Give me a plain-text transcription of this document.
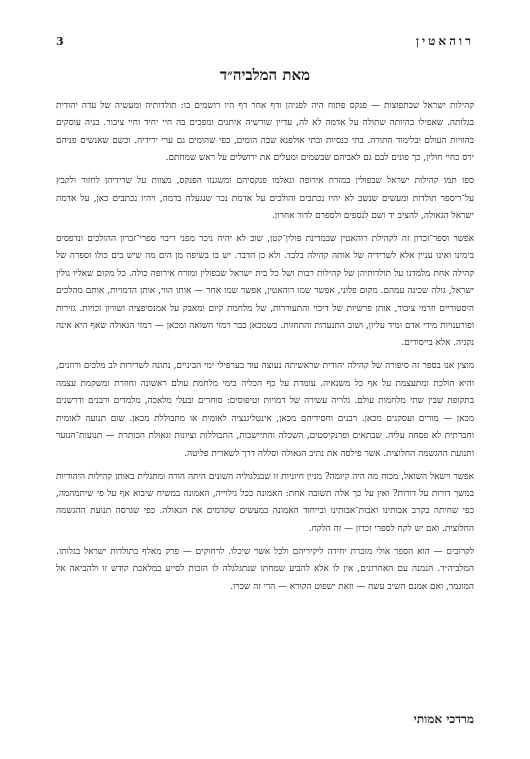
רוהאטין
3
מאת המלביה״ד

קהילות ישראל שבתפוצות — פנקס פתוח היה לפניהן ודף אחר דף היו רושמים בו: תולדותיה ומעשיה של עדה יהודית בגלותה. שאפילו בהיותה שתולה על אדמה לא לה, עדיין שורשיה איתנים ומפכים בה חיי יחיד וחיי ציבור. בניה עוסקים בהוויות העולם ובלימוד התורה. בתי כנסיות ובתי אולפנא שבה הומים, כפי שהומים גם ערי ירידיה. וכשם שאנשים פניהם ירס כחיי חולין, כך פונים לבם גם לאביהם שבשמים ומעלים את ירושלים על ראש שמחתם.

ספו תמו קהילות ישראל שבפולין במזרח אירופה ונאלמו פנקסיהם ומשגנזו הפנקס, מצוות על שרידיהן לחזור ולקבץ על־ריספר תולדות ומעשים שנשב לא יהיו נכתבים והולכים על אדמת נכר שנגעלה בדמה, ויהיו נכתבים כאן, על אדמת ישראל הגאולה, להציב יד ושם לנספים ולספרם לדור אחרון.

אפשר וספר־זכרון זה לקהילת רוהאטין שבמדינת פולין־קטן, שוב לא יהיה ניכר מפני ריבוי ספרי־זכרון ההולכים ונדפסים בימינו ואינו עניין אלא לשרידיה של אותה קהילה בלבד. ולא כן הדבר. יש בו בשיפה מן הים מה שיש בים כולו וספרה של קהילה אחת מלמדנו על תולדותיהן של קהילות רבות ושל כל בית ישראל שבפולין ומזרח אירופה כולה. כל מקום שאליו גולין ישראל, גולה שכינה עמהם. מקום פלוני, אפשר שמו רוהאטין, אפשר שמו אחר — אותו הווי, אותן הדמויות, אותם מהלכים היסטוריים וזרמי ציבור, אותן פרשיות של דיכוי והתעוררות, של מלחמת קיום ומאבק על אמנסיפציה ושוויון זכויות. גזירות ופורענויות מידי אדם ומיד עליון, ושוב התנערות והתחזות. כשמכאן כבר רמזי השואה ומכאן — רמזי הגאולה שאף היא אינה נקניה. אלא בייסורים.

מוצין אנו בספר זה סיפורה של קהילה יהודית שראשיתה נעוצה עוד בערפילי ימי הביניים, נתונה לשרירות לב מלכים ורוזנים, והיא הולכת ומתעצמת על אף כל משנאיה. עומדת על כף הכליה בימי מלחמת עולם ראשונה וחוזרת ומשקמת עצמה בתקופת שבין שתי מלחמות עולם. גלריה עשירה של דמויות וטיפוסים: סוחרים ובעלי מלאכה, מלמדים ורבנים ודרשנים מכאן — מורים ועסקנים מכאן. רבנים וחסידיהם מכאן, אינטליגנציה לאומית או מתבוללת מכאן. שום תנועה לאומית וחברתית לא פסחה עליה. שבתאים ופרנקיסטים, השכלה והתיישבות, התבוללות וציונות וגאולת הכותרת — תנועות־הנוער ותנועת ההגשמה החלוצית. אשר פילסה את נתיב הגאולה וסללה דרך לשארית פליטה.

אפשר וישאל השואל, מכוח מה היה קיומה? מניין חיוניות זו שבגלגוליה השונים היתה הורה ומתגלית באותן קהילות היהודיות במשך דורות על דורות? ואין על כך אלה תשובה אחת: האמונה בכל גילוייה, האמונה במשיח שיבוא אף על פי שיתמהמה, כפי שחיתה בקרב אבותינו ואבות־אבותינו ובייחוד האמונה במעשים שקדמים את הגאולה. כפי שגרסה תנועת ההגשמה החלוצית. ואם יש לקח לספרי זכרון — זה הלקח.

לקרובים — הוא הספר אולי מזכרת יחידה ליקיריהם ולכל אשר שיכלו. לרחוקים — פרק מאלף בתולדות ישראל בגלותו. המלביה״ד. הנמנה עם האחרונים, אין לו אלא להביע שמחתו שנתגלגלה לו הזכות לסייע במלאכת קודש זו ולהביאה אל המוגמר, ואם אמנם השיב עשה — וזאת ישפוט הקורא — הרי זה שכרו.

מרדכי אמותי
